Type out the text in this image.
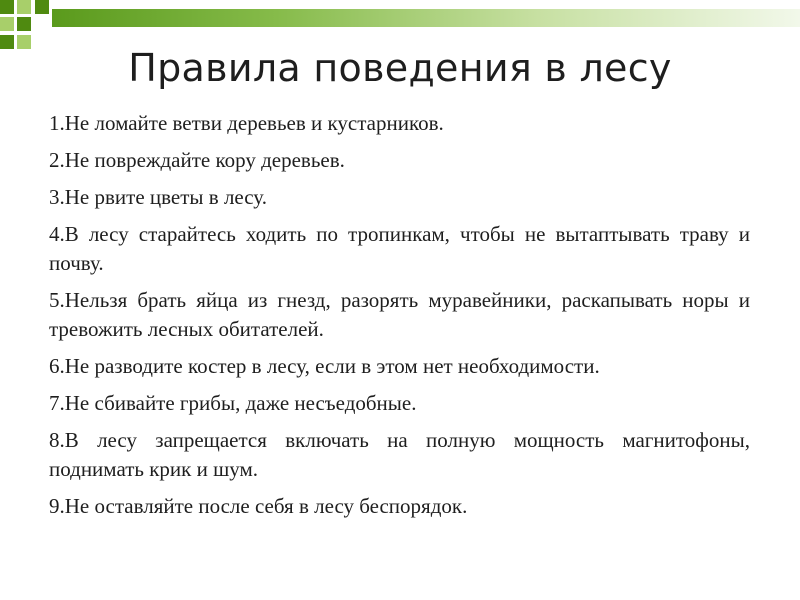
Правила поведения в лесу
1.Не ломайте ветви деревьев и кустарников.
2.Не повреждайте кору деревьев.
3.Не рвите цветы в лесу.
4.В лесу старайтесь ходить по тропинкам, чтобы не вытаптывать траву и почву.
5.Нельзя брать яйца из гнезд, разорять муравейники, раскапывать норы и тревожить лесных обитателей.
6.Не разводите костер в лесу, если в этом нет необходимости.
7.Не сбивайте грибы, даже несъедобные.
8.В лесу запрещается включать на полную мощность магнитофоны, поднимать крик и шум.
9.Не оставляйте после себя в лесу беспорядок.
